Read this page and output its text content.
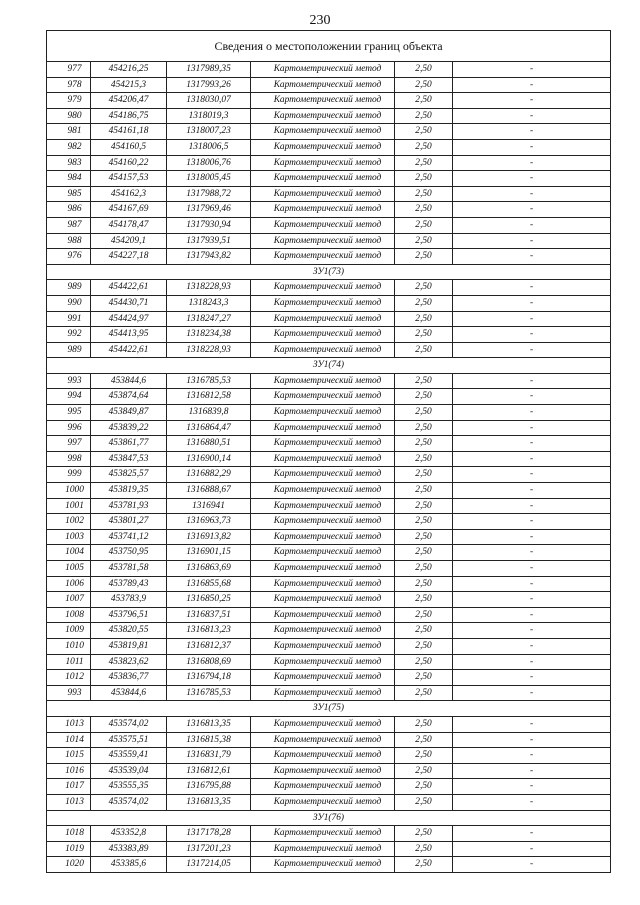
230
Сведения о местоположении границ объекта					
977	454216,25	1317989,35	Картометрический метод	2,50	-
978	454215,3	1317993,26	Картометрический метод	2,50	-
979	454206,47	1318030,07	Картометрический метод	2,50	-
980	454186,75	1318019,3	Картометрический метод	2,50	-
981	454161,18	1318007,23	Картометрический метод	2,50	-
982	454160,5	1318006,5	Картометрический метод	2,50	-
983	454160,22	1318006,76	Картометрический метод	2,50	-
984	454157,53	1318005,45	Картометрический метод	2,50	-
985	454162,3	1317988,72	Картометрический метод	2,50	-
986	454167,69	1317969,46	Картометрический метод	2,50	-
987	454178,47	1317930,94	Картометрический метод	2,50	-
988	454209,1	1317939,51	Картометрический метод	2,50	-
976	454227,18	1317943,82	Картометрический метод	2,50	-
ЗУ1(73)					
989	454422,61	1318228,93	Картометрический метод	2,50	-
990	454430,71	1318243,3	Картометрический метод	2,50	-
991	454424,97	1318247,27	Картометрический метод	2,50	-
992	454413,95	1318234,38	Картометрический метод	2,50	-
989	454422,61	1318228,93	Картометрический метод	2,50	-
ЗУ1(74)					
993	453844,6	1316785,53	Картометрический метод	2,50	-
994	453874,64	1316812,58	Картометрический метод	2,50	-
995	453849,87	1316839,8	Картометрический метод	2,50	-
996	453839,22	1316864,47	Картометрический метод	2,50	-
997	453861,77	1316880,51	Картометрический метод	2,50	-
998	453847,53	1316900,14	Картометрический метод	2,50	-
999	453825,57	1316882,29	Картометрический метод	2,50	-
1000	453819,35	1316888,67	Картометрический метод	2,50	-
1001	453781,93	1316941	Картометрический метод	2,50	-
1002	453801,27	1316963,73	Картометрический метод	2,50	-
1003	453741,12	1316913,82	Картометрический метод	2,50	-
1004	453750,95	1316901,15	Картометрический метод	2,50	-
1005	453781,58	1316863,69	Картометрический метод	2,50	-
1006	453789,43	1316855,68	Картометрический метод	2,50	-
1007	453783,9	1316850,25	Картометрический метод	2,50	-
1008	453796,51	1316837,51	Картометрический метод	2,50	-
1009	453820,55	1316813,23	Картометрический метод	2,50	-
1010	453819,81	1316812,37	Картометрический метод	2,50	-
1011	453823,62	1316808,69	Картометрический метод	2,50	-
1012	453836,77	1316794,18	Картометрический метод	2,50	-
993	453844,6	1316785,53	Картометрический метод	2,50	-
ЗУ1(75)					
1013	453574,02	1316813,35	Картометрический метод	2,50	-
1014	453575,51	1316815,38	Картометрический метод	2,50	-
1015	453559,41	1316831,79	Картометрический метод	2,50	-
1016	453539,04	1316812,61	Картометрический метод	2,50	-
1017	453555,35	1316795,88	Картометрический метод	2,50	-
1013	453574,02	1316813,35	Картометрический метод	2,50	-
ЗУ1(76)					
1018	453352,8	1317178,28	Картометрический метод	2,50	-
1019	453383,89	1317201,23	Картометрический метод	2,50	-
1020	453385,6	1317214,05	Картометрический метод	2,50	-
